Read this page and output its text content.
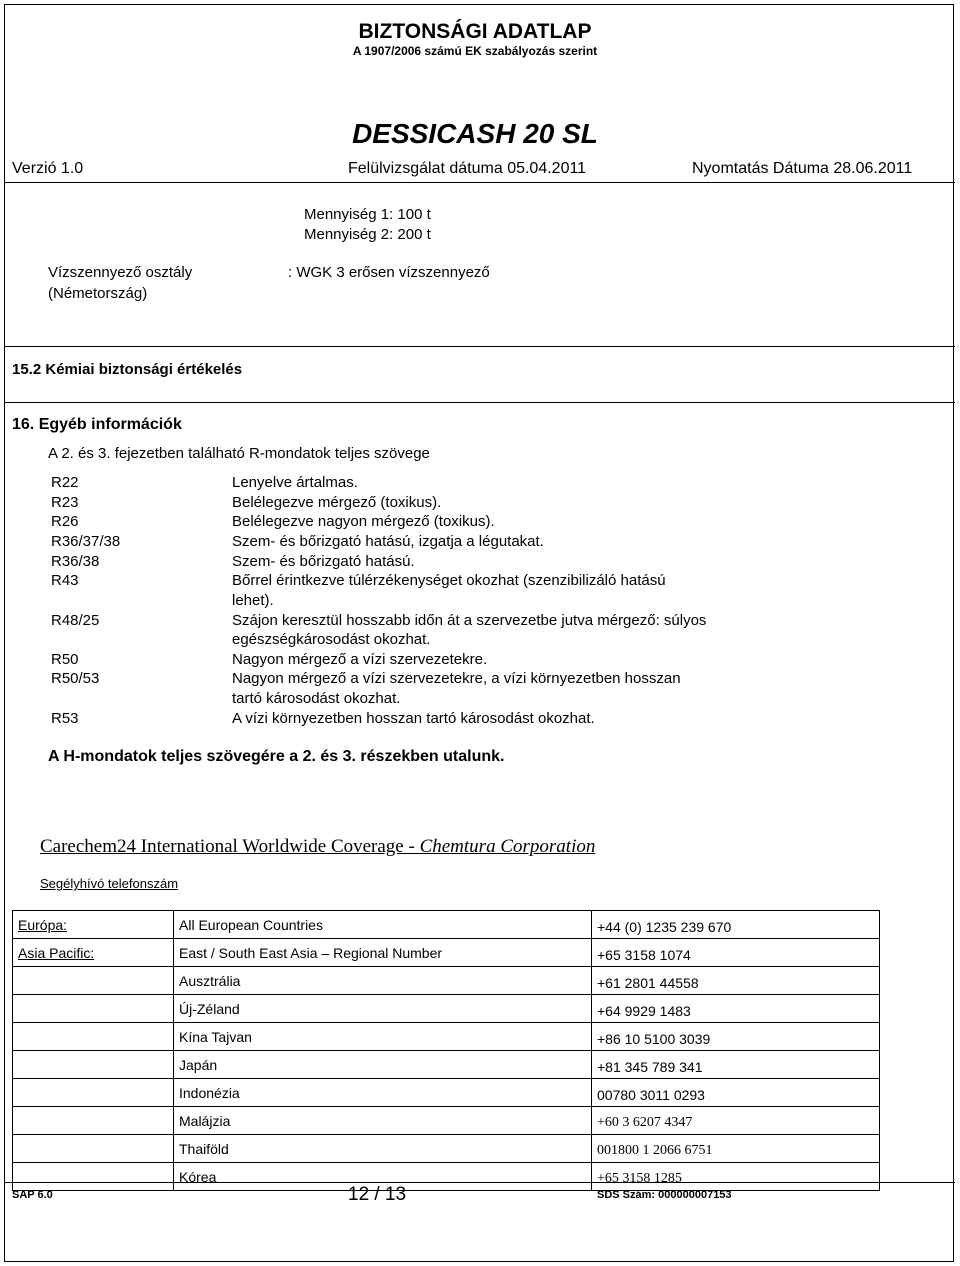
BIZTONSÁGI ADATLAP
A 1907/2006 számú EK szabályozás szerint
DESSICASH 20 SL
Verzió 1.0	Felülvizsgálat dátuma 05.04.2011	Nyomtatás Dátuma 28.06.2011
Mennyiség 1: 100 t
Mennyiség 2: 200 t
Vízszennyező osztály
(Németország)
: WGK 3 erősen vízszennyező
15.2 Kémiai biztonsági értékelés
16. Egyéb információk
A 2. és 3. fejezetben található R-mondatok teljes szövege
R22	Lenyelve ártalmas.
R23	Belélegezve mérgező (toxikus).
R26	Belélegezve nagyon mérgező (toxikus).
R36/37/38	Szem- és bőrizgató hatású, izgatja a légutakat.
R36/38	Szem- és bőrizgató hatású.
R43	Bőrrel érintkezve túlérzékenységet okozhat (szenzibilizáló hatású
lehet).
R48/25	Szájon keresztül hosszabb időn át a szervezetbe jutva mérgező: súlyos
egészségkárosodást okozhat.
R50	Nagyon mérgező a vízi szervezetekre.
R50/53	Nagyon mérgező a vízi szervezetekre, a vízi környezetben hosszan
tartó károsodást okozhat.
R53	A vízi környezetben hosszan tartó károsodást okozhat.
A H-mondatok teljes szövegére a 2. és 3. részekben utalunk.
Carechem24 International Worldwide Coverage - Chemtura Corporation
Segélyhívó telefonszám
Európa:	All European Countries	+44 (0) 1235 239 670
Asia Pacific:	East / South East Asia – Regional Number	+65 3158 1074
	Ausztrália	+61 2801 44558
	Új-Zéland	+64 9929 1483
	Kína Tajvan	+86 10 5100 3039
	Japán	+81 345 789 341
	Indonézia	00780 3011 0293
	Malájzia	+60 3 6207 4347
	Thaiföld	001800 1 2066 6751
	Kórea	+65 3158 1285
SAP 6.0	12 / 13	SDS Szám: 000000007153
